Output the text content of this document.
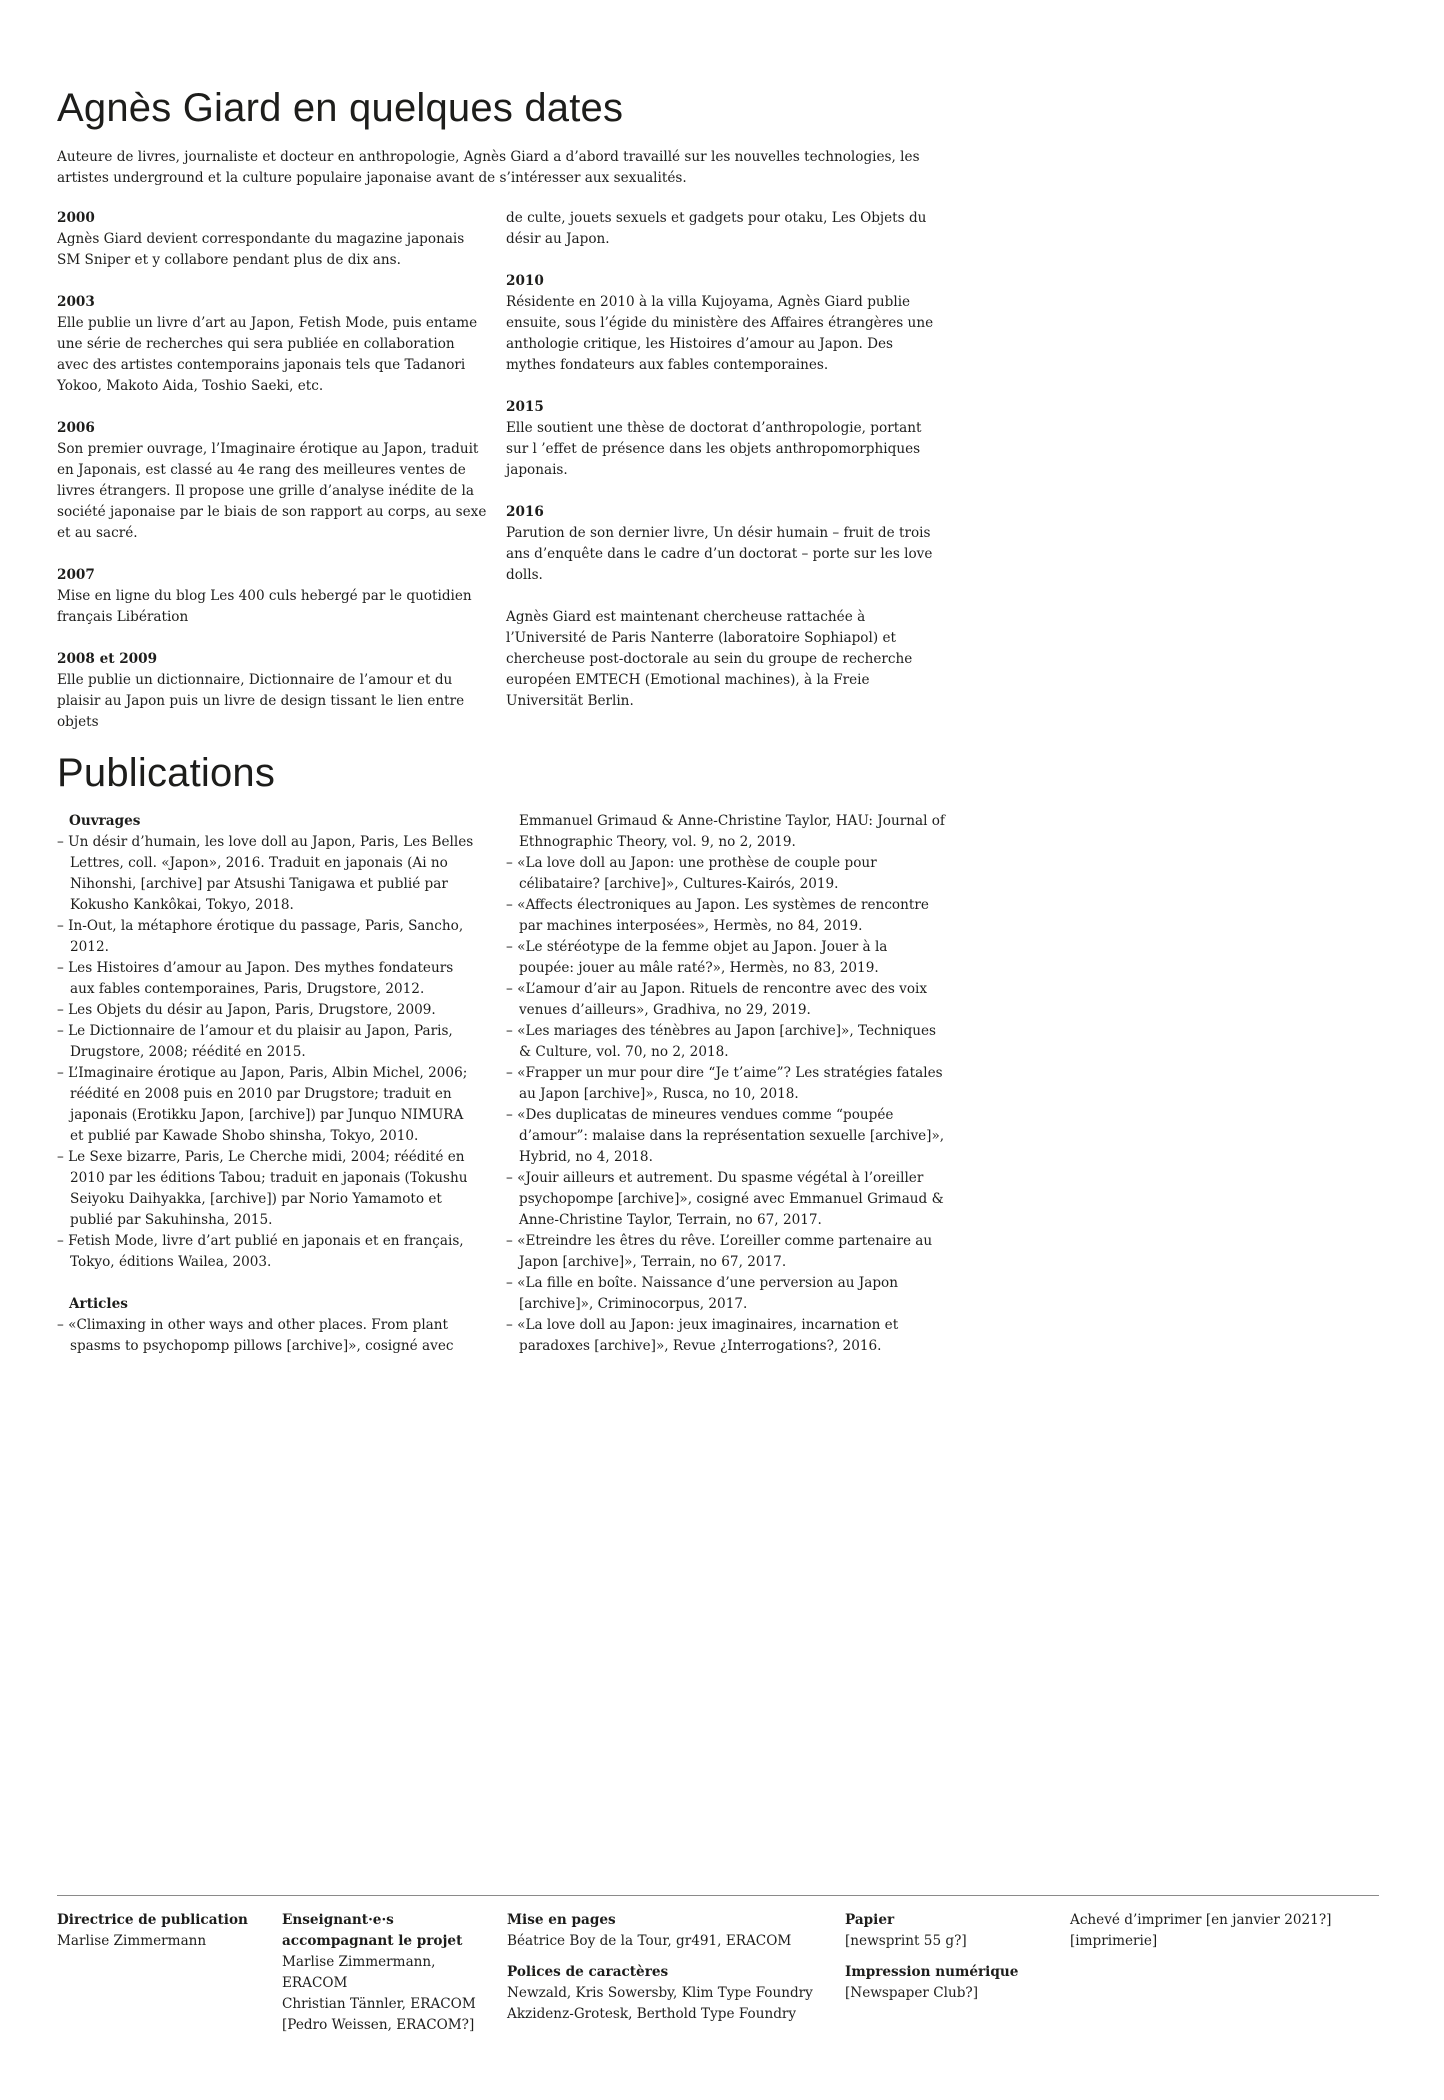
Agnès Giard en quelques dates

Auteure de livres, journaliste et docteur en anthropologie, Agnès Giard a d’abord travaillé sur les nouvelles technologies, les artistes underground et la culture populaire japonaise avant de s’intéresser aux sexualités.

2000

Agnès Giard devient correspondante du magazine japonais SM Sniper et y collabore pendant plus de dix ans.

2003

Elle publie un livre d’art au Japon, Fetish Mode, puis entame une série de recherches qui sera publiée en collaboration avec des artistes contemporains japonais tels que Tadanori Yokoo, Makoto Aida, Toshio Saeki, etc.

2006

Son premier ouvrage, l’Imaginaire érotique au Japon, traduit en Japonais, est classé au 4e rang des meilleures ventes de livres étrangers. Il propose une grille d’analyse inédite de la société japonaise par le biais de son rapport au corps, au sexe et au sacré.

2007

Mise en ligne du blog Les 400 culs hebergé par le quotidien français Libération

2008 et 2009

Elle publie un dictionnaire, Dictionnaire de l’amour et du plaisir au Japon puis un livre de design tissant le lien entre objets

de culte, jouets sexuels et gadgets pour otaku, Les Objets du désir au Japon.

2010

Résidente en 2010 à la villa Kujoyama, Agnès Giard publie ensuite, sous l’égide du ministère des Affaires étrangères une anthologie critique, les Histoires d’amour au Japon. Des mythes fondateurs aux fables contemporaines.

2015

Elle soutient une thèse de doctorat d’anthropologie, portant sur l ’effet de présence dans les objets anthropomorphiques japonais.

2016

Parution de son dernier livre, Un désir humain – fruit de trois ans d’enquête dans le cadre d’un doctorat – porte sur les love dolls.

Agnès Giard est maintenant chercheuse rattachée à l’Université de Paris Nanterre (laboratoire Sophiapol) et chercheuse post-doctorale au sein du groupe de recherche européen EMTECH (Emotional machines), à la Freie Universität Berlin.

Publications
Ouvrages
– Un désir d’humain, les love doll au Japon, Paris, Les Belles Lettres, coll. «Japon», 2016. Traduit en japonais (Ai no Nihonshi, [archive] par Atsushi Tanigawa et publié par Kokusho Kankôkai, Tokyo, 2018.
– In-Out, la métaphore érotique du passage, Paris, Sancho, 2012.
– Les Histoires d’amour au Japon. Des mythes fondateurs aux fables contemporaines, Paris, Drugstore, 2012.
– Les Objets du désir au Japon, Paris, Drugstore, 2009.
– Le Dictionnaire de l’amour et du plaisir au Japon, Paris, Drugstore, 2008; réédité en 2015.
– L’Imaginaire érotique au Japon, Paris, Albin Michel, 2006; réédité en 2008 puis en 2010 par Drugstore; traduit en japonais (Erotikku Japon, [archive]) par Junquo NIMURA et publié par Kawade Shobo shinsha, Tokyo, 2010.
– Le Sexe bizarre, Paris, Le Cherche midi, 2004; réédité en 2010 par les éditions Tabou; traduit en japonais (Tokushu Seiyoku Daihyakka, [archive]) par Norio Yamamoto et publié par Sakuhinsha, 2015.
– Fetish Mode, livre d’art publié en japonais et en français, Tokyo, éditions Wailea, 2003.
Articles
– «Climaxing in other ways and other places. From plant spasms to psychopomp pillows [archive]», cosigné avec
Emmanuel Grimaud & Anne-Christine Taylor, HAU: Journal of Ethnographic Theory, vol. 9, no 2, 2019.
– «La love doll au Japon: une prothèse de couple pour célibataire? [archive]», Cultures-Kairós, 2019.
– «Affects électroniques au Japon. Les systèmes de rencontre par machines interposées», Hermès, no 84, 2019.
– «Le stéréotype de la femme objet au Japon. Jouer à la poupée: jouer au mâle raté?», Hermès, no 83, 2019.
– «L’amour d’air au Japon. Rituels de rencontre avec des voix venues d’ailleurs», Gradhiva, no 29, 2019.
– «Les mariages des ténèbres au Japon [archive]», Techniques & Culture, vol. 70, no 2, 2018.
– «Frapper un mur pour dire “Je t’aime”? Les stratégies fatales au Japon [archive]», Rusca, no 10, 2018.
– «Des duplicatas de mineures vendues comme “poupée d’amour”: malaise dans la représentation sexuelle [archive]», Hybrid, no 4, 2018.
– «Jouir ailleurs et autrement. Du spasme végétal à l’oreiller psychopompe [archive]», cosigné avec Emmanuel Grimaud & Anne-Christine Taylor, Terrain, no 67, 2017.
– «Etreindre les êtres du rêve. L’oreiller comme partenaire au Japon [archive]», Terrain, no 67, 2017.
– «La fille en boîte. Naissance d’une perversion au Japon [archive]», Criminocorpus, 2017.
– «La love doll au Japon: jeux imaginaires, incarnation et paradoxes [archive]», Revue ¿Interrogations?, 2016.
Directrice de publication
Marlise Zimmermann
Enseignant·e·s accompagnant le projet
Marlise Zimmermann, ERACOM
Christian Tännler, ERACOM
[Pedro Weissen, ERACOM?]
Mise en pages
Béatrice Boy de la Tour, gr491, ERACOM
Polices de caractères
Newzald, Kris Sowersby, Klim Type Foundry
Akzidenz-Grotesk, Berthold Type Foundry
Papier
[newsprint 55 g?]
Impression numérique
[Newspaper Club?]
Achevé d’imprimer [en janvier 2021?]
[imprimerie]
